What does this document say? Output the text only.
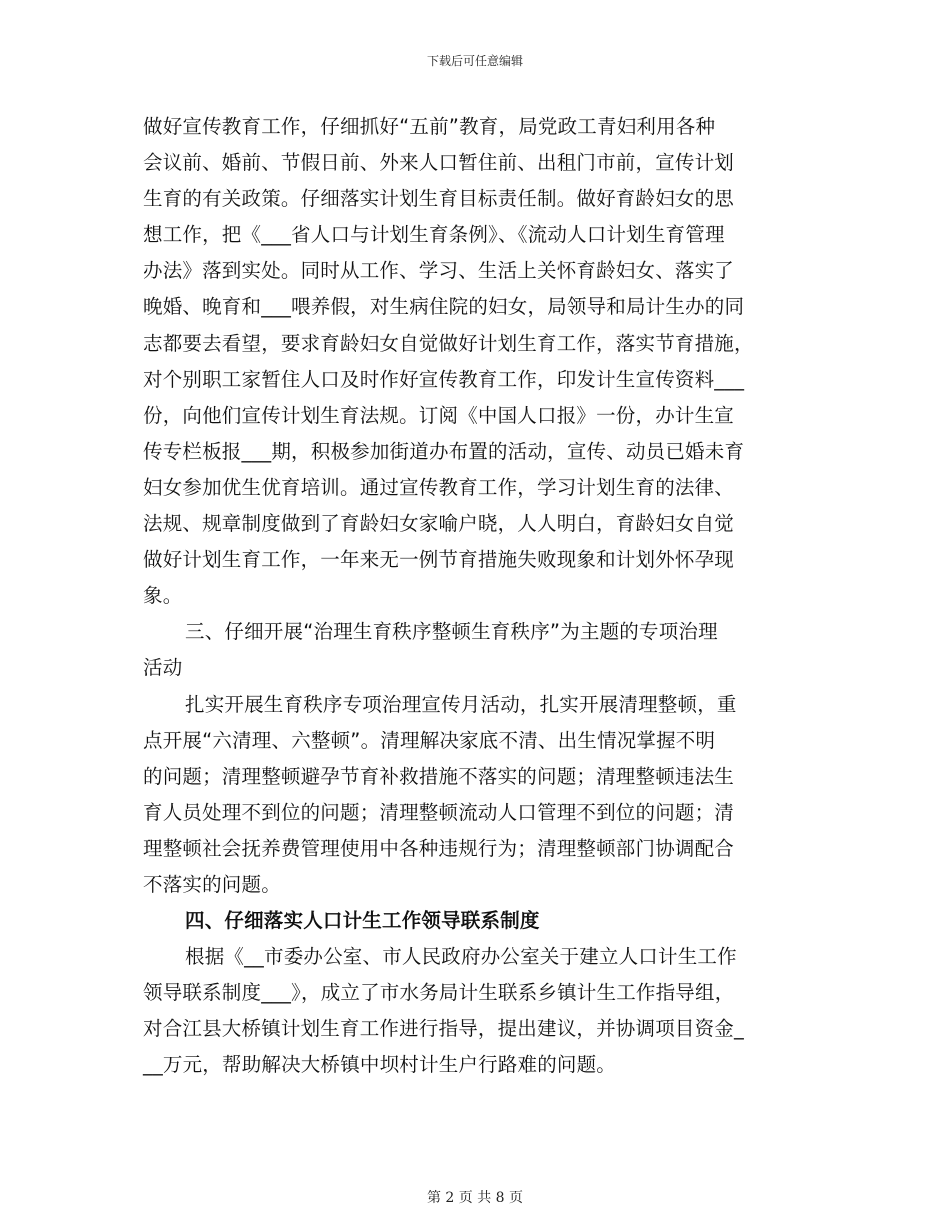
下载后可任意编辑
做好宣传教育工作，仔细抓好“五前”教育，局党政工青妇利用各种
会议前、婚前、节假日前、外来人口暂住前、出租门市前，宣传计划
生育的有关政策。仔细落实计划生育目标责任制。做好育龄妇女的思
想工作，把《___省人口与计划生育条例》、《流动人口计划生育管理
办法》落到实处。同时从工作、学习、生活上关怀育龄妇女、落实了
晚婚、晚育和___喂养假，对生病住院的妇女，局领导和局计生办的同
志都要去看望，要求育龄妇女自觉做好计划生育工作，落实节育措施，
对个别职工家暂住人口及时作好宣传教育工作，印发计生宣传资料___
份，向他们宣传计划生育法规。订阅《中国人口报》一份，办计生宣
传专栏板报___期，积极参加街道办布置的活动，宣传、动员已婚未育
妇女参加优生优育培训。通过宣传教育工作，学习计划生育的法律、
法规、规章制度做到了育龄妇女家喻户晓，人人明白，育龄妇女自觉
做好计划生育工作，一年来无一例节育措施失败现象和计划外怀孕现
象。
三、仔细开展“治理生育秩序整顿生育秩序”为主题的专项治理
活动
扎实开展生育秩序专项治理宣传月活动，扎实开展清理整顿，重
点开展“六清理、六整顿”。清理解决家底不清、出生情况掌握不明
的问题；清理整顿避孕节育补救措施不落实的问题；清理整顿违法生
育人员处理不到位的问题；清理整顿流动人口管理不到位的问题；清
理整顿社会抚养费管理使用中各种违规行为；清理整顿部门协调配合
不落实的问题。
四、仔细落实人口计生工作领导联系制度
根据《__市委办公室、市人民政府办公室关于建立人口计生工作
领导联系制度___》，成立了市水务局计生联系乡镇计生工作指导组，
对合江县大桥镇计划生育工作进行指导，提出建议，并协调项目资金_
__万元，帮助解决大桥镇中坝村计生户行路难的问题。
第 2 页 共 8 页
